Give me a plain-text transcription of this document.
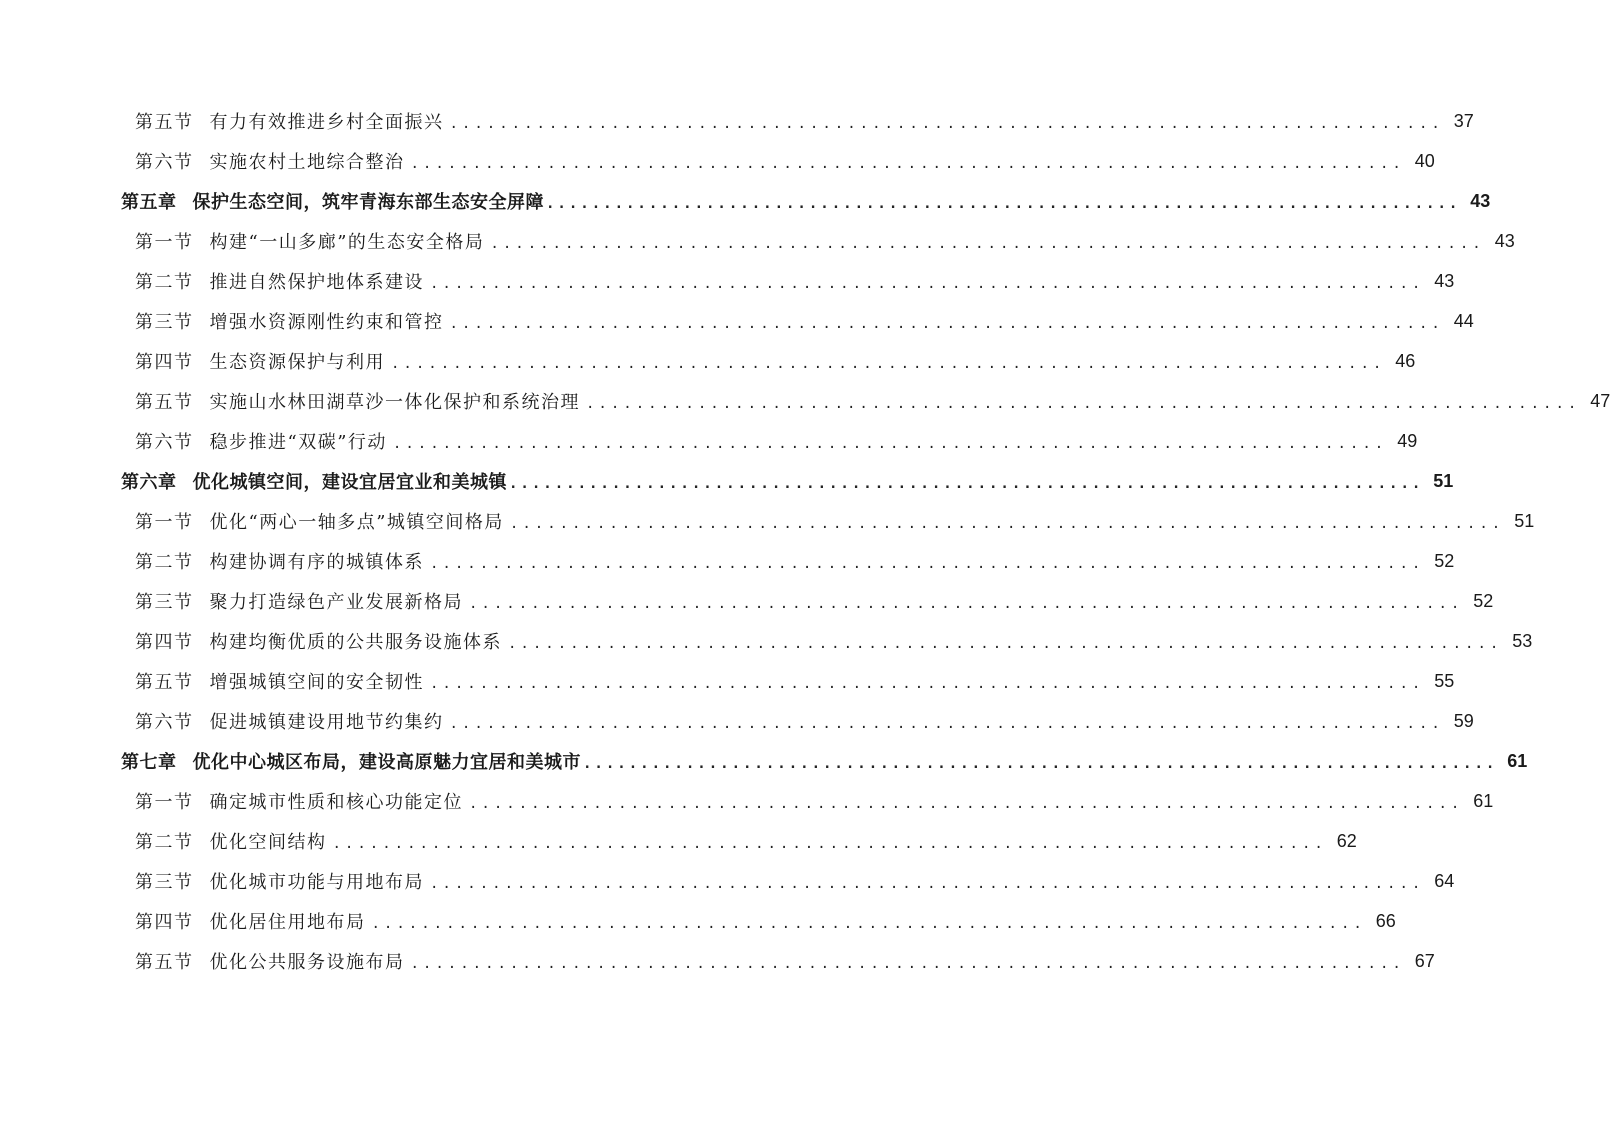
第五节 有力有效推进乡村全面振兴 ................................................................................ 37
第六节 实施农村土地综合整治 ................................................................................ 40
第五章 保护生态空间，筑牢青海东部生态安全屏障 ................................................................................ 43
第一节 构建“一山多廊”的生态安全格局 ................................................................................ 43
第二节 推进自然保护地体系建设 ................................................................................ 43
第三节 增强水资源刚性约束和管控 ................................................................................ 44
第四节 生态资源保护与利用 ................................................................................ 46
第五节 实施山水林田湖草沙一体化保护和系统治理 ................................................................................ 47
第六节 稳步推进“双碳”行动 ................................................................................ 49
第六章 优化城镇空间，建设宜居宜业和美城镇 ................................................................................ 51
第一节 优化“两心一轴多点”城镇空间格局 ................................................................................ 51
第二节 构建协调有序的城镇体系 ................................................................................ 52
第三节 聚力打造绿色产业发展新格局 ................................................................................ 52
第四节 构建均衡优质的公共服务设施体系 ................................................................................ 53
第五节 增强城镇空间的安全韧性 ................................................................................ 55
第六节 促进城镇建设用地节约集约 ................................................................................ 59
第七章 优化中心城区布局，建设高原魅力宜居和美城市 ................................................................................ 61
第一节 确定城市性质和核心功能定位 ................................................................................ 61
第二节 优化空间结构 ................................................................................ 62
第三节 优化城市功能与用地布局 ................................................................................ 64
第四节 优化居住用地布局 ................................................................................ 66
第五节 优化公共服务设施布局 ................................................................................ 67
